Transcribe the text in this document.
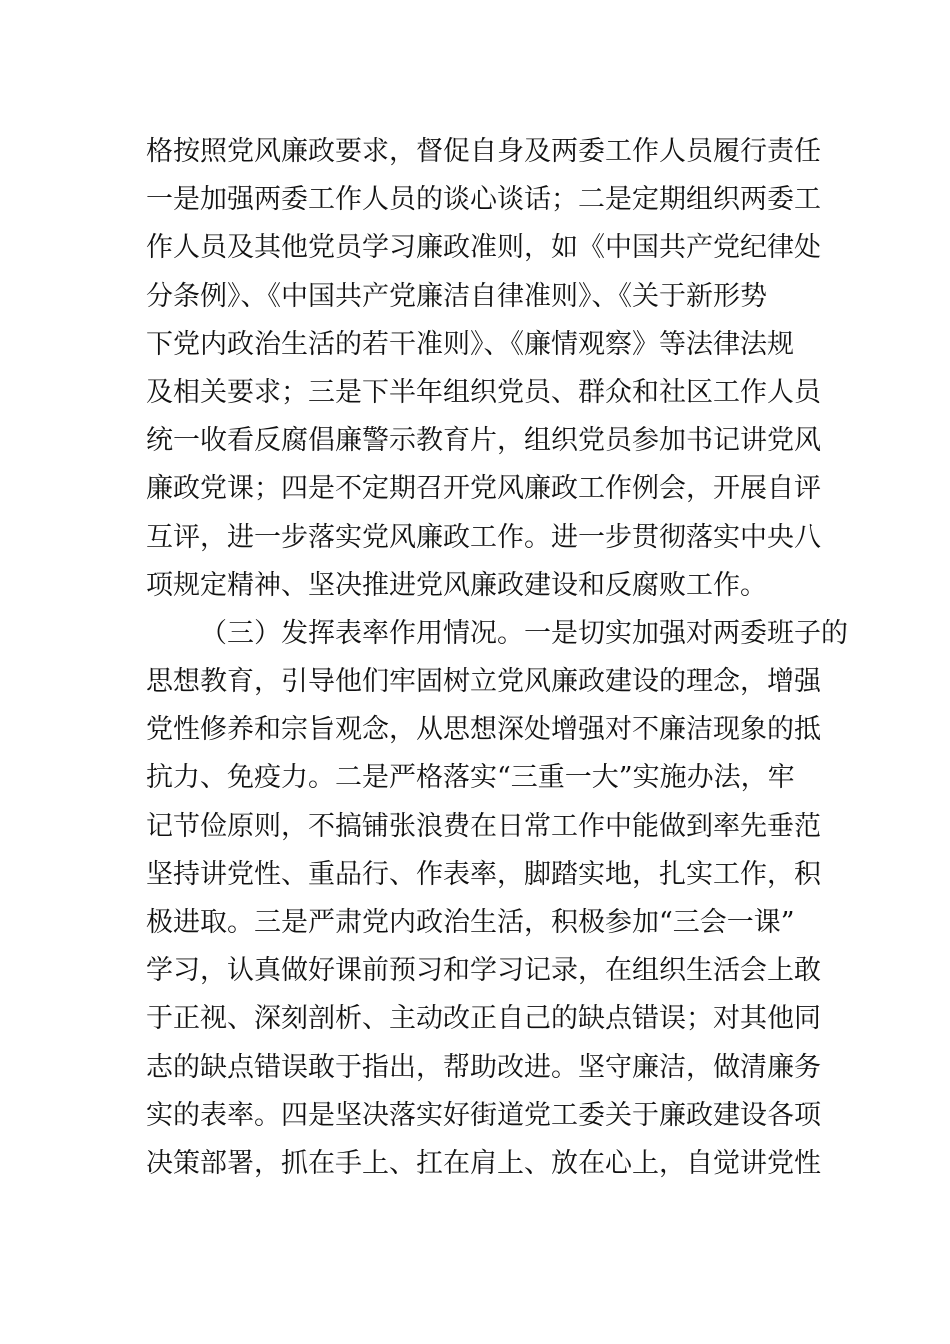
格按照党风廉政要求，督促自身及两委工作人员履行责任
一是加强两委工作人员的谈心谈话；二是定期组织两委工
作人员及其他党员学习廉政准则，如《中国共产党纪律处
分条例》、《中国共产党廉洁自律准则》、《关于新形势
下党内政治生活的若干准则》、《廉情观察》等法律法规
及相关要求；三是下半年组织党员、群众和社区工作人员
统一收看反腐倡廉警示教育片，组织党员参加书记讲党风
廉政党课；四是不定期召开党风廉政工作例会，开展自评
互评，进一步落实党风廉政工作。进一步贯彻落实中央八
项规定精神、坚决推进党风廉政建设和反腐败工作。
（三）发挥表率作用情况。一是切实加强对两委班子的
思想教育，引导他们牢固树立党风廉政建设的理念，增强
党性修养和宗旨观念，从思想深处增强对不廉洁现象的抵
抗力、免疫力。二是严格落实“三重一大”实施办法，牢
记节俭原则，不搞铺张浪费在日常工作中能做到率先垂范
坚持讲党性、重品行、作表率，脚踏实地，扎实工作，积
极进取。三是严肃党内政治生活，积极参加“三会一课”
学习，认真做好课前预习和学习记录，在组织生活会上敢
于正视、深刻剖析、主动改正自己的缺点错误；对其他同
志的缺点错误敢于指出，帮助改进。坚守廉洁，做清廉务
实的表率。四是坚决落实好街道党工委关于廉政建设各项
决策部署，抓在手上、扛在肩上、放在心上，自觉讲党性
